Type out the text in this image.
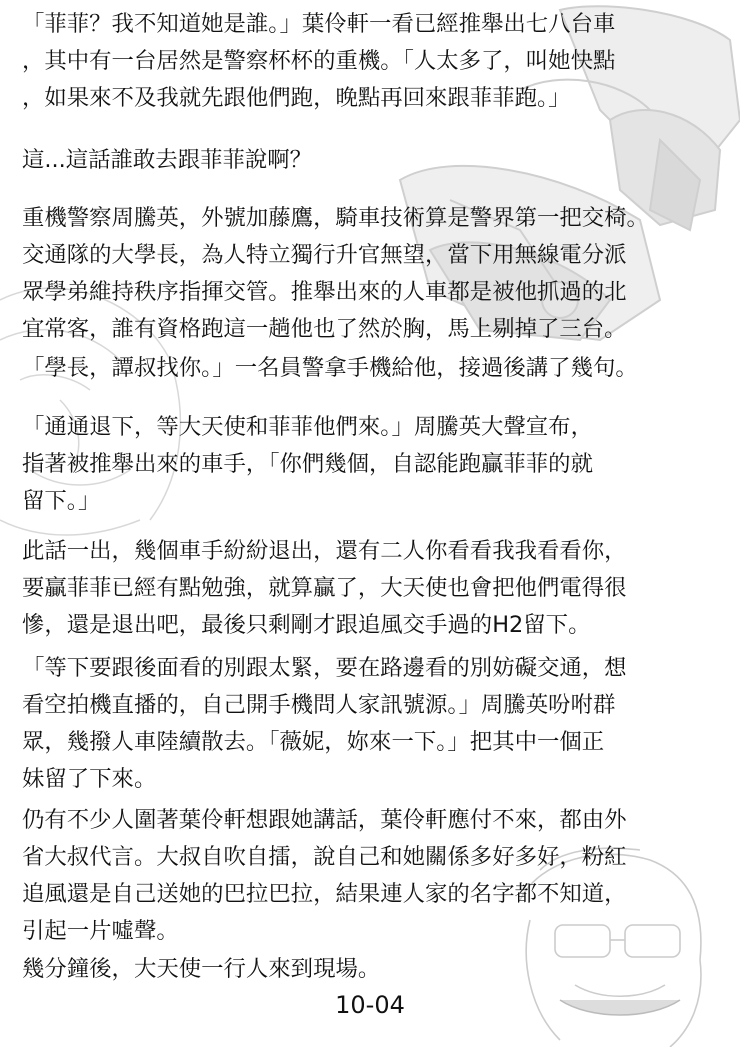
「菲菲？我不知道她是誰。」葉伶軒一看已經推舉出七八台車
，其中有一台居然是警察杯杯的重機。「人太多了，叫她快點
，如果來不及我就先跟他們跑，晚點再回來跟菲菲跑。」
這...這話誰敢去跟菲菲說啊？
重機警察周騰英，外號加藤鷹，騎車技術算是警界第一把交椅。
交通隊的大學長，為人特立獨行升官無望，當下用無線電分派
眾學弟維持秩序指揮交管。推舉出來的人車都是被他抓過的北
宜常客，誰有資格跑這一趟他也了然於胸，馬上剔掉了三台。
「學長，譚叔找你。」一名員警拿手機給他，接過後講了幾句。
「通通退下，等大天使和菲菲他們來。」周騰英大聲宣布，
指著被推舉出來的車手，「你們幾個，自認能跑贏菲菲的就
留下。」
此話一出，幾個車手紛紛退出，還有二人你看看我我看看你，
要贏菲菲已經有點勉強，就算贏了，大天使也會把他們電得很
慘，還是退出吧，最後只剩剛才跟追風交手過的H2留下。
「等下要跟後面看的別跟太緊，要在路邊看的別妨礙交通，想
看空拍機直播的，自己開手機問人家訊號源。」周騰英吩咐群
眾，幾撥人車陸續散去。「薇妮，妳來一下。」把其中一個正
妹留了下來。
仍有不少人圍著葉伶軒想跟她講話，葉伶軒應付不來，都由外
省大叔代言。大叔自吹自擂，說自己和她關係多好多好，粉紅
追風還是自己送她的巴拉巴拉，結果連人家的名字都不知道，
引起一片噓聲。
幾分鐘後，大天使一行人來到現場。
10-04
